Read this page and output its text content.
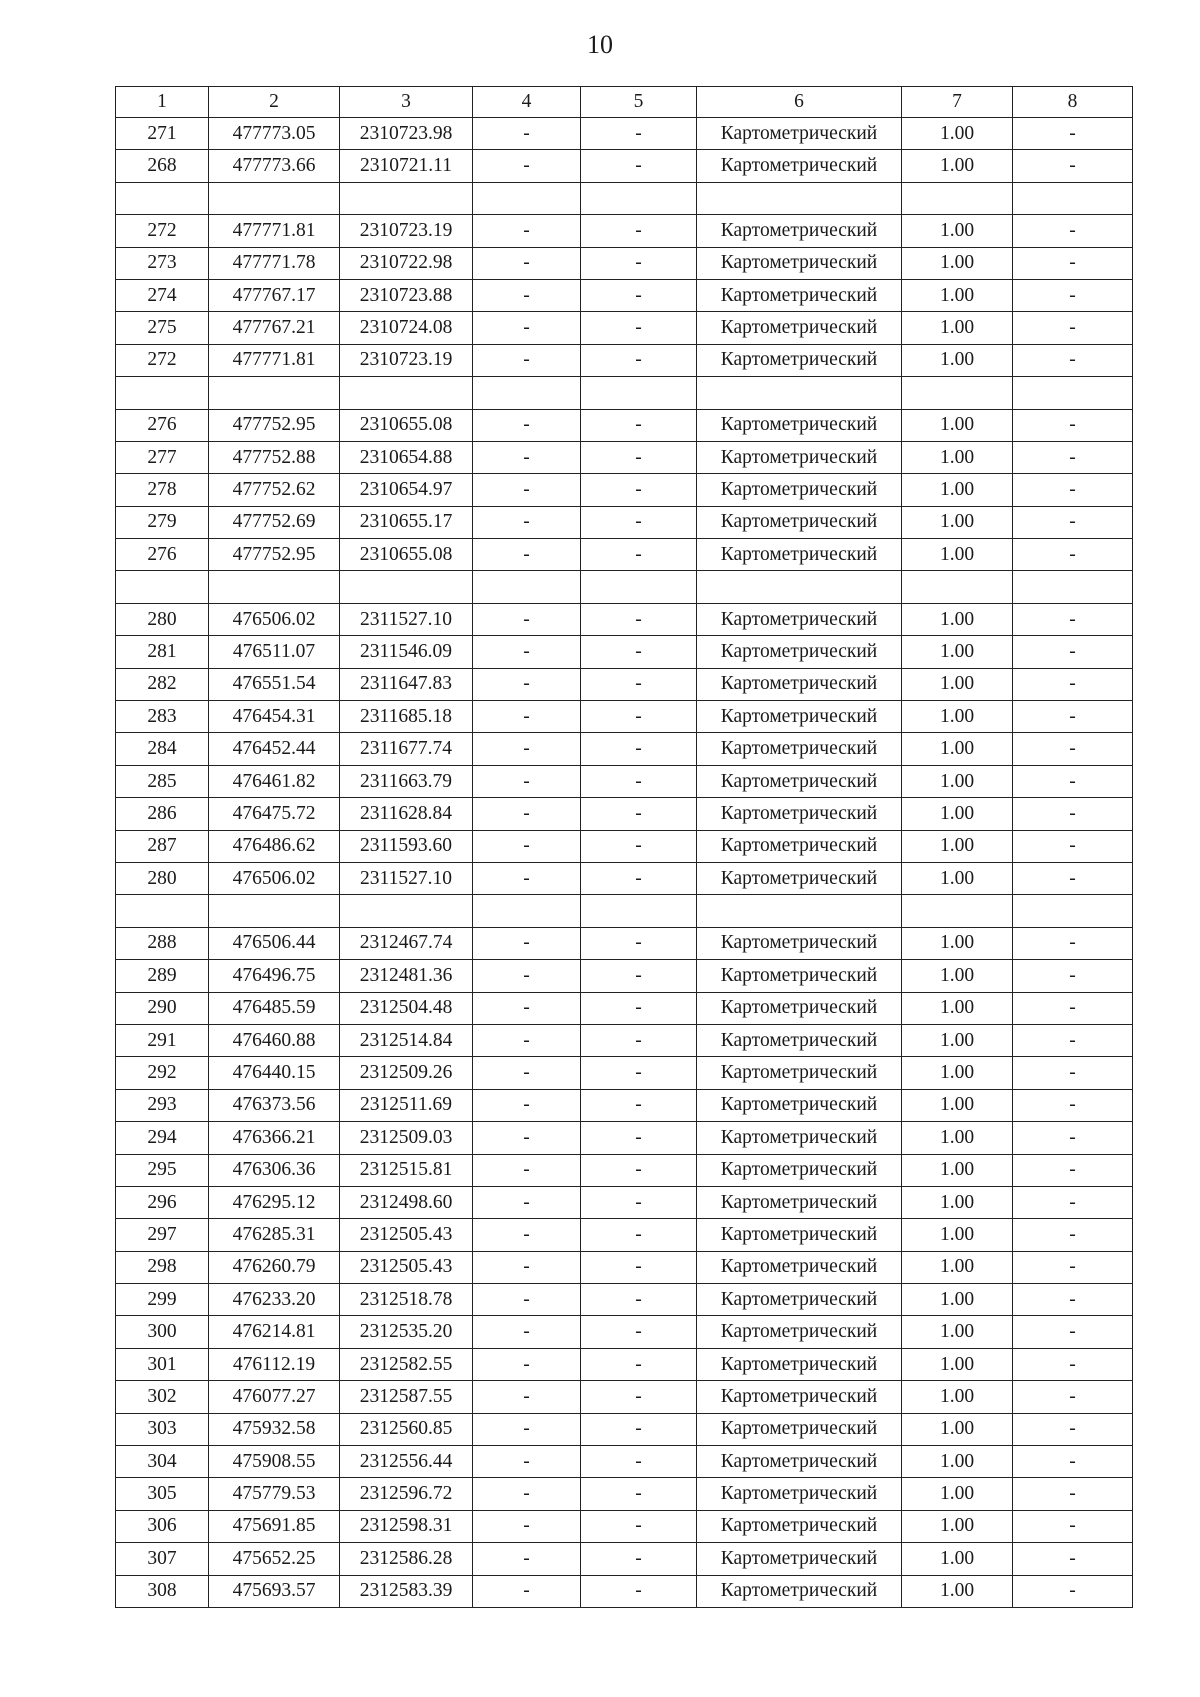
10
1	2	3	4	5	6	7	8
271	477773.05	2310723.98	-	-	Картометрический	1.00	-
268	477773.66	2310721.11	-	-	Картометрический	1.00	-

272	477771.81	2310723.19	-	-	Картометрический	1.00	-
273	477771.78	2310722.98	-	-	Картометрический	1.00	-
274	477767.17	2310723.88	-	-	Картометрический	1.00	-
275	477767.21	2310724.08	-	-	Картометрический	1.00	-
272	477771.81	2310723.19	-	-	Картометрический	1.00	-

276	477752.95	2310655.08	-	-	Картометрический	1.00	-
277	477752.88	2310654.88	-	-	Картометрический	1.00	-
278	477752.62	2310654.97	-	-	Картометрический	1.00	-
279	477752.69	2310655.17	-	-	Картометрический	1.00	-
276	477752.95	2310655.08	-	-	Картометрический	1.00	-

280	476506.02	2311527.10	-	-	Картометрический	1.00	-
281	476511.07	2311546.09	-	-	Картометрический	1.00	-
282	476551.54	2311647.83	-	-	Картометрический	1.00	-
283	476454.31	2311685.18	-	-	Картометрический	1.00	-
284	476452.44	2311677.74	-	-	Картометрический	1.00	-
285	476461.82	2311663.79	-	-	Картометрический	1.00	-
286	476475.72	2311628.84	-	-	Картометрический	1.00	-
287	476486.62	2311593.60	-	-	Картометрический	1.00	-
280	476506.02	2311527.10	-	-	Картометрический	1.00	-

288	476506.44	2312467.74	-	-	Картометрический	1.00	-
289	476496.75	2312481.36	-	-	Картометрический	1.00	-
290	476485.59	2312504.48	-	-	Картометрический	1.00	-
291	476460.88	2312514.84	-	-	Картометрический	1.00	-
292	476440.15	2312509.26	-	-	Картометрический	1.00	-
293	476373.56	2312511.69	-	-	Картометрический	1.00	-
294	476366.21	2312509.03	-	-	Картометрический	1.00	-
295	476306.36	2312515.81	-	-	Картометрический	1.00	-
296	476295.12	2312498.60	-	-	Картометрический	1.00	-
297	476285.31	2312505.43	-	-	Картометрический	1.00	-
298	476260.79	2312505.43	-	-	Картометрический	1.00	-
299	476233.20	2312518.78	-	-	Картометрический	1.00	-
300	476214.81	2312535.20	-	-	Картометрический	1.00	-
301	476112.19	2312582.55	-	-	Картометрический	1.00	-
302	476077.27	2312587.55	-	-	Картометрический	1.00	-
303	475932.58	2312560.85	-	-	Картометрический	1.00	-
304	475908.55	2312556.44	-	-	Картометрический	1.00	-
305	475779.53	2312596.72	-	-	Картометрический	1.00	-
306	475691.85	2312598.31	-	-	Картометрический	1.00	-
307	475652.25	2312586.28	-	-	Картометрический	1.00	-
308	475693.57	2312583.39	-	-	Картометрический	1.00	-
